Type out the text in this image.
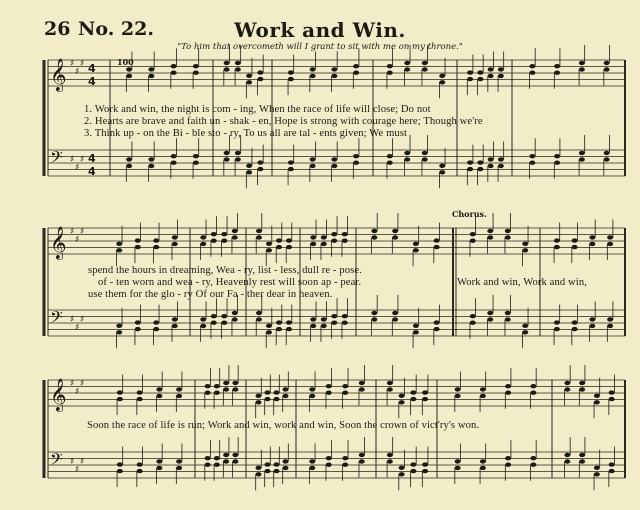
𝄞 ♯
♯
♯ 4
4
𝄢 ♯
♯
♯ 4
4
𝄞 ♯
♯
♯
𝄢 ♯
♯
♯
𝄞 ♯
♯
♯
𝄢 ♯
♯
♯
26 No. 22.	Work and Win.
"To him that overcometh will I grant to sit with me on my throne."
100
Chorus.
1. Work and win, the night is com - ing, When the race of life will close; Do not
2. Hearts are brave and faith un - shak - en, Hope is strong with courage here; Though we're
3. Think up - on the Bi - ble sto - ry, To us all are tal - ents given; We must
spend the hours in dreaming, Wea - ry, list - less, dull re - pose.
of - ten worn and wea - ry, Heavenly rest will soon ap - pear.
use them for the glo - ry Of our Fa - ther dear in heaven.
Work and win, Work and win,
Soon the race of life is run; Work and win, work and win, Soon the crown of vict'ry's won.
